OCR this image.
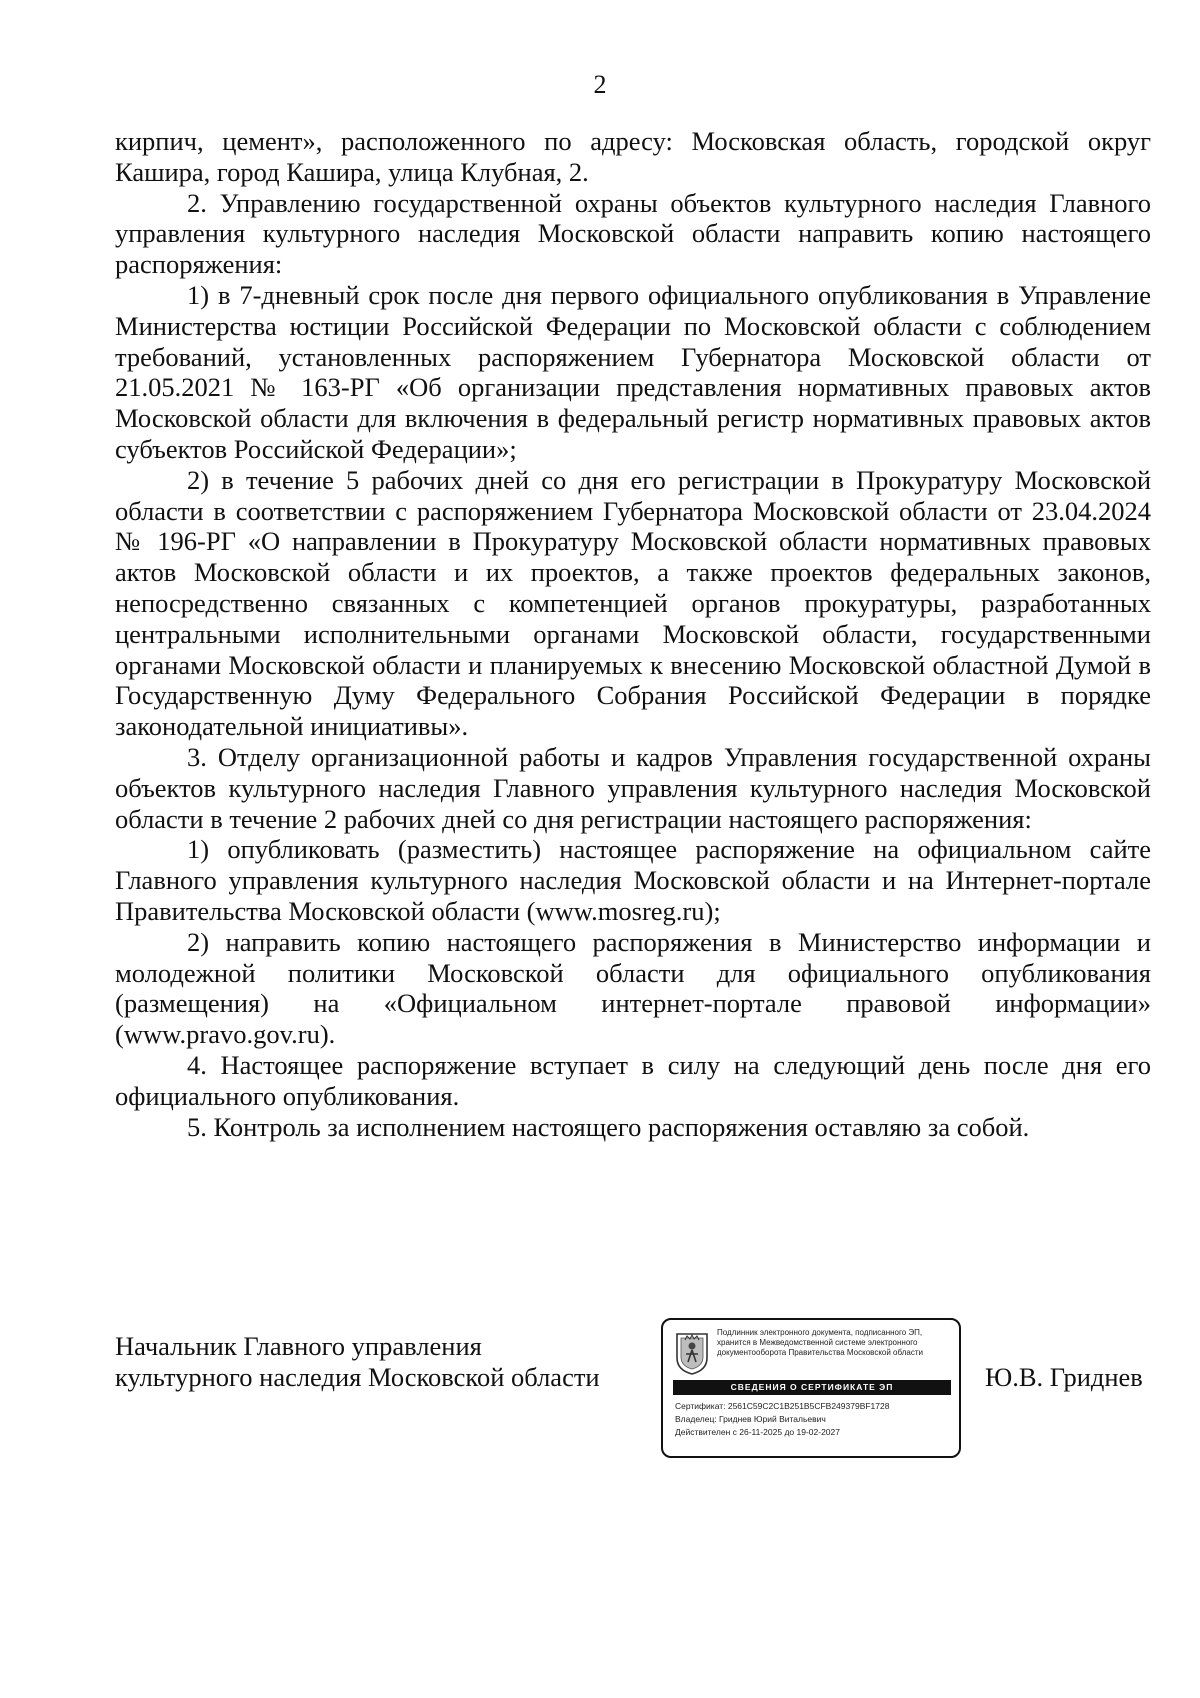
2

кирпич, цемент», расположенного по адресу: Московская область, городской округ Кашира, город Кашира, улица Клубная, 2.

2. Управлению государственной охраны объектов культурного наследия Главного управления культурного наследия Московской области направить копию настоящего распоряжения:

1) в 7-дневный срок после дня первого официального опубликования в Управление Министерства юстиции Российской Федерации по Московской области с соблюдением требований, установленных распоряжением Губернатора Московской области от 21.05.2021 № 163-РГ «Об организации представления нормативных правовых актов Московской области для включения в федеральный регистр нормативных правовых актов субъектов Российской Федерации»;

2) в течение 5 рабочих дней со дня его регистрации в Прокуратуру Московской области в соответствии с распоряжением Губернатора Московской области от 23.04.2024 № 196-РГ «О направлении в Прокуратуру Московской области нормативных правовых актов Московской области и их проектов, а также проектов федеральных законов, непосредственно связанных с компетенцией органов прокуратуры, разработанных центральными исполнительными органами Московской области, государственными органами Московской области и планируемых к внесению Московской областной Думой в Государственную Думу Федерального Собрания Российской Федерации в порядке законодательной инициативы».

3. Отделу организационной работы и кадров Управления государственной охраны объектов культурного наследия Главного управления культурного наследия Московской области в течение 2 рабочих дней со дня регистрации настоящего распоряжения:

1) опубликовать (разместить) настоящее распоряжение на официальном сайте Главного управления культурного наследия Московской области и на Интернет-портале Правительства Московской области (www.mosreg.ru);

2) направить копию настоящего распоряжения в Министерство информации и молодежной политики Московской области для официального опубликования (размещения) на «Официальном интернет-портале правовой информации» (www.pravo.gov.ru).

4. Настоящее распоряжение вступает в силу на следующий день после дня его официального опубликования.

5. Контроль за исполнением настоящего распоряжения оставляю за собой.

Начальник Главного управления
культурного наследия Московской области
Подлинник электронного документа, подписанного ЭП,
хранится в Межведомственной системе электронного
документооборота Правительства Московской области
СВЕДЕНИЯ О СЕРТИФИКАТЕ ЭП
Сертификат: 2561C59C2C1B251B5CFB249379BF1728
Владелец: Гриднев Юрий Витальевич
Действителен с 26-11-2025 до 19-02-2027
Ю.В. Гриднев
